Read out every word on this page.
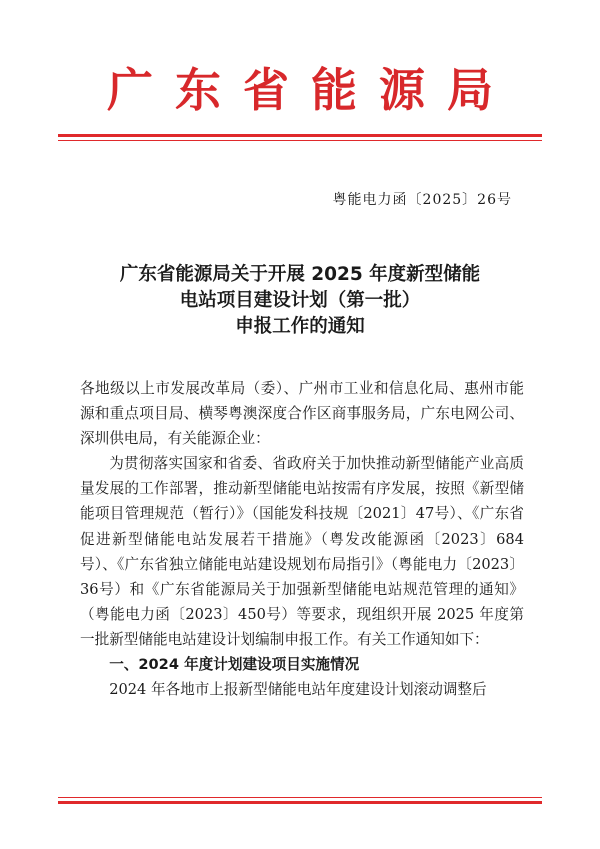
广东省能源局
粤能电力函〔2025〕26号
广东省能源局关于开展 2025 年度新型储能
电站项目建设计划（第一批）
申报工作的通知

各地级以上市发展改革局（委）、广州市工业和信息化局、惠州市能源和重点项目局、横琴粤澳深度合作区商事服务局，广东电网公司、深圳供电局，有关能源企业：

为贯彻落实国家和省委、省政府关于加快推动新型储能产业高质量发展的工作部署，推动新型储能电站按需有序发展，按照《新型储能项目管理规范（暂行）》（国能发科技规〔2021〕47号）、《广东省促进新型储能电站发展若干措施》（粤发改能源函〔2023〕684号）、《广东省独立储能电站建设规划布局指引》（粤能电力〔2023〕36号）和《广东省能源局关于加强新型储能电站规范管理的通知》（粤能电力函〔2023〕450号）等要求，现组织开展 2025 年度第一批新型储能电站建设计划编制申报工作。有关工作通知如下：

一、2024 年度计划建设项目实施情况

2024 年各地市上报新型储能电站年度建设计划滚动调整后
